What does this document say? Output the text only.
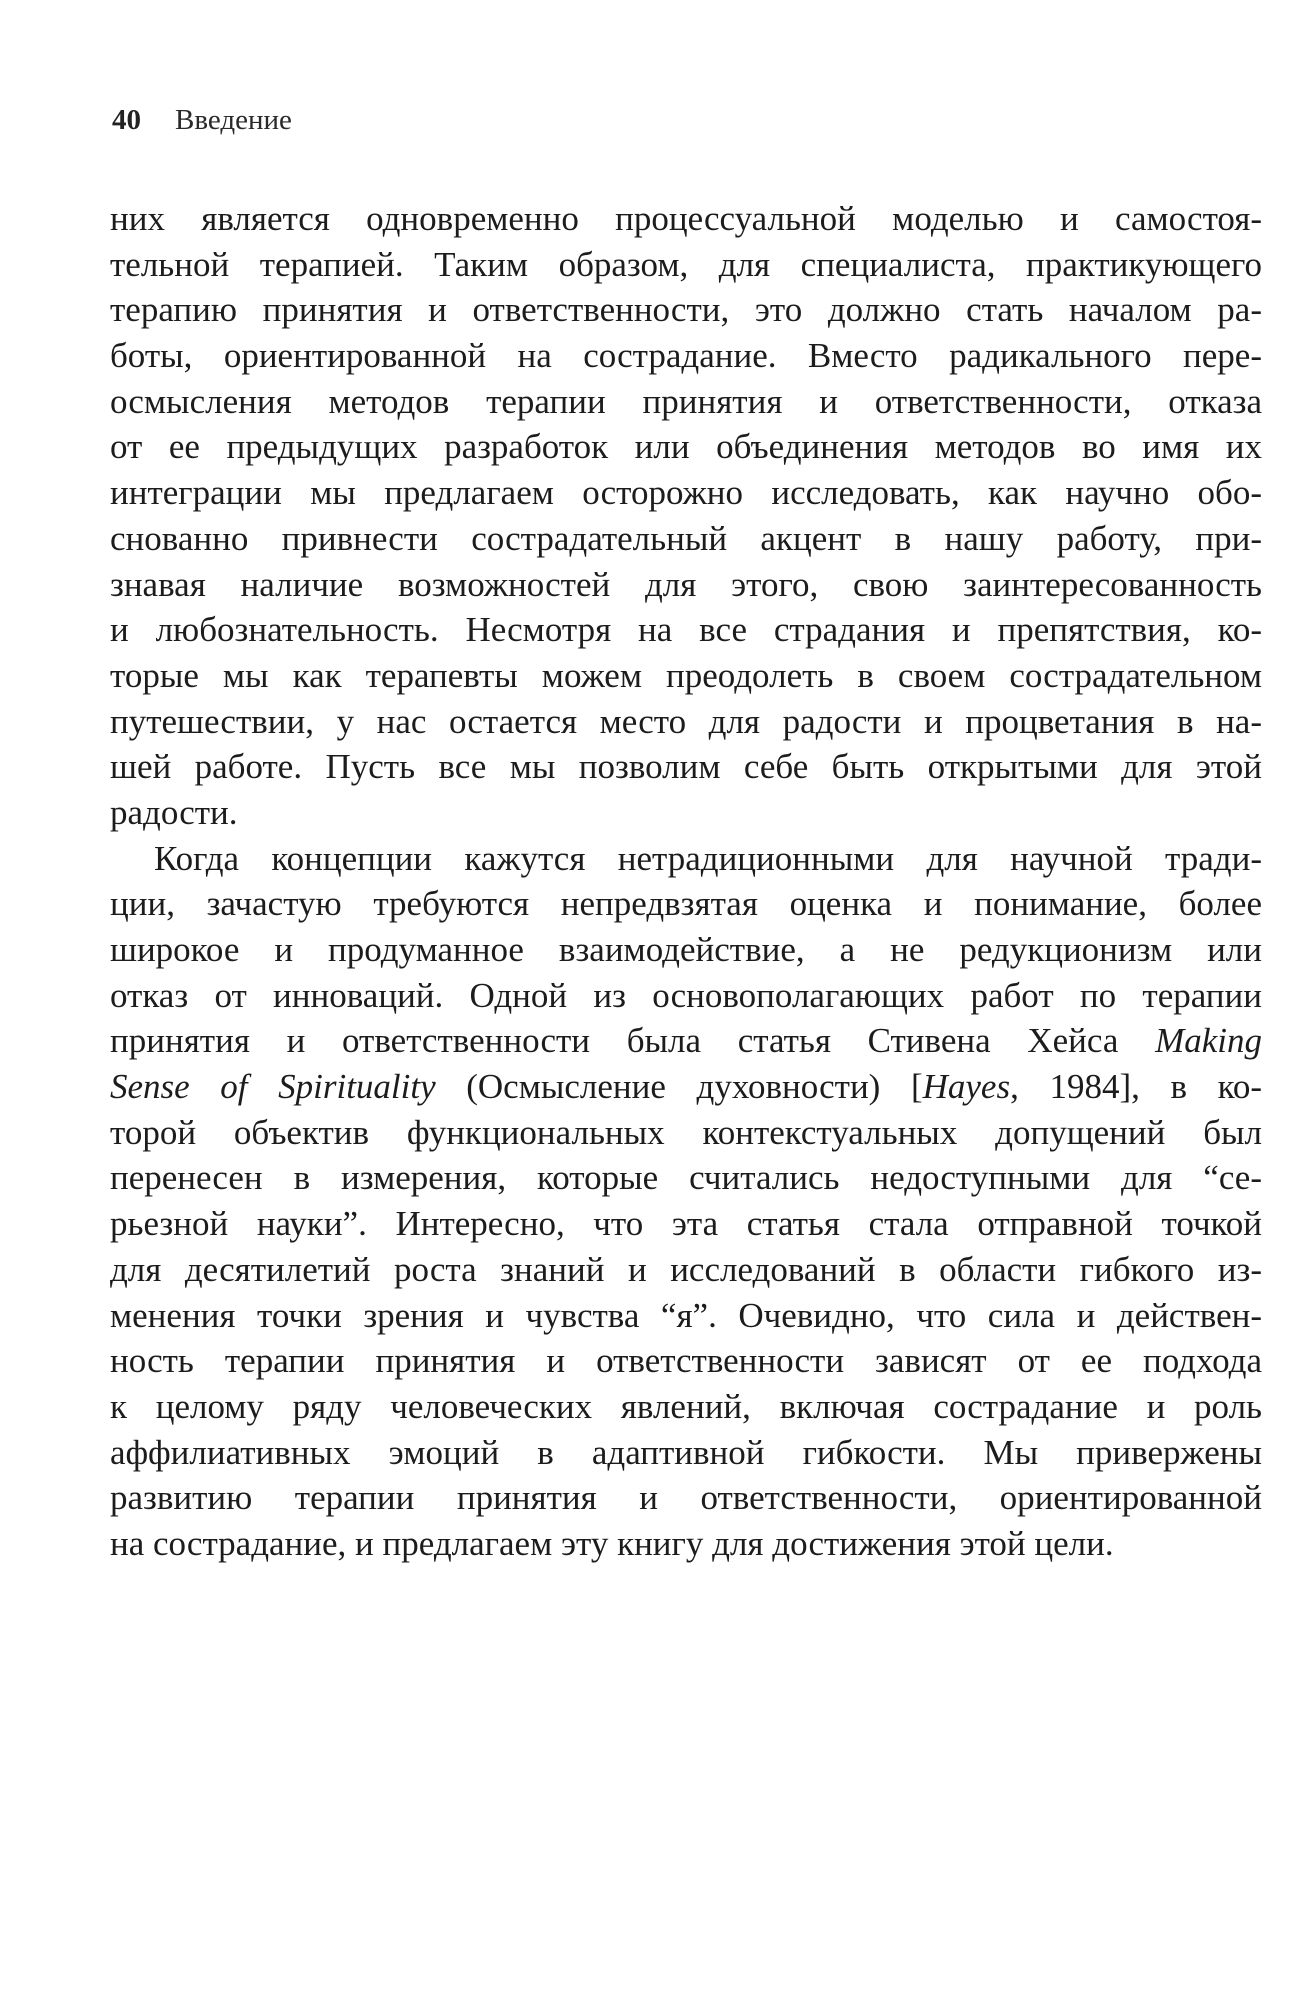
40 Введение
них является одновременно процессуальной моделью и самостоя-
тельной терапией. Таким образом, для специалиста, практикующего
терапию принятия и ответственности, это должно стать началом ра-
боты, ориентированной на сострадание. Вместо радикального пере-
осмысления методов терапии принятия и ответственности, отказа
от ее предыдущих разработок или объединения методов во имя их
интеграции мы предлагаем осторожно исследовать, как научно обо-
снованно привнести сострадательный акцент в нашу работу, при-
знавая наличие возможностей для этого, свою заинтересованность
и любознательность. Несмотря на все страдания и препятствия, ко-
торые мы как терапевты можем преодолеть в своем сострадательном
путешествии, у нас остается место для радости и процветания в на-
шей работе. Пусть все мы позволим себе быть открытыми для этой
радости.
Когда концепции кажутся нетрадиционными для научной тради-
ции, зачастую требуются непредвзятая оценка и понимание, более
широкое и продуманное взаимодействие, а не редукционизм или
отказ от инноваций. Одной из основополагающих работ по терапии
принятия и ответственности была статья Стивена Хейса Making
Sense of Spirituality (Осмысление духовности) [Hayes, 1984], в ко-
торой объектив функциональных контекстуальных допущений был
перенесен в измерения, которые считались недоступными для “се-
рьезной науки”. Интересно, что эта статья стала отправной точкой
для десятилетий роста знаний и исследований в области гибкого из-
менения точки зрения и чувства “я”. Очевидно, что сила и действен-
ность терапии принятия и ответственности зависят от ее подхода
к целому ряду человеческих явлений, включая сострадание и роль
аффилиативных эмоций в адаптивной гибкости. Мы привержены
развитию терапии принятия и ответственности, ориентированной
на сострадание, и предлагаем эту книгу для достижения этой цели.
